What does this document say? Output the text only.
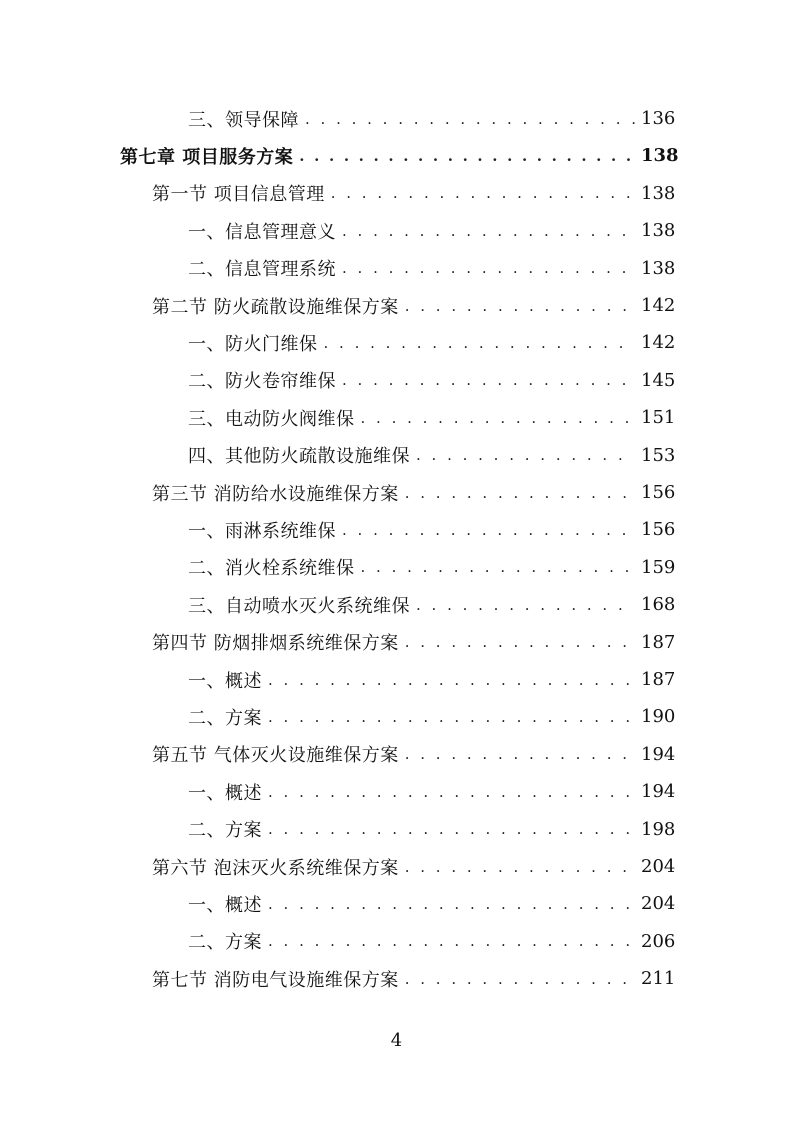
三、领导保障 . . .	136
第七章 项目服务方案 . . .	138
第一节 项目信息管理 . . .	138
一、信息管理意义 . . .	138
二、信息管理系统 . . .	138
第二节 防火疏散设施维保方案 . . .	142
一、防火门维保 . . .	142
二、防火卷帘维保 . . .	145
三、电动防火阀维保 . . .	151
四、其他防火疏散设施维保 . . .	153
第三节 消防给水设施维保方案 . . .	156
一、雨淋系统维保 . . .	156
二、消火栓系统维保 . . .	159
三、自动喷水灭火系统维保 . . .	168
第四节 防烟排烟系统维保方案 . . .	187
一、概述 . . .	187
二、方案 . . .	190
第五节 气体灭火设施维保方案 . . .	194
一、概述 . . .	194
二、方案 . . .	198
第六节 泡沫灭火系统维保方案 . . .	204
一、概述 . . .	204
二、方案 . . .	206
第七节 消防电气设施维保方案 . . .	211
4
